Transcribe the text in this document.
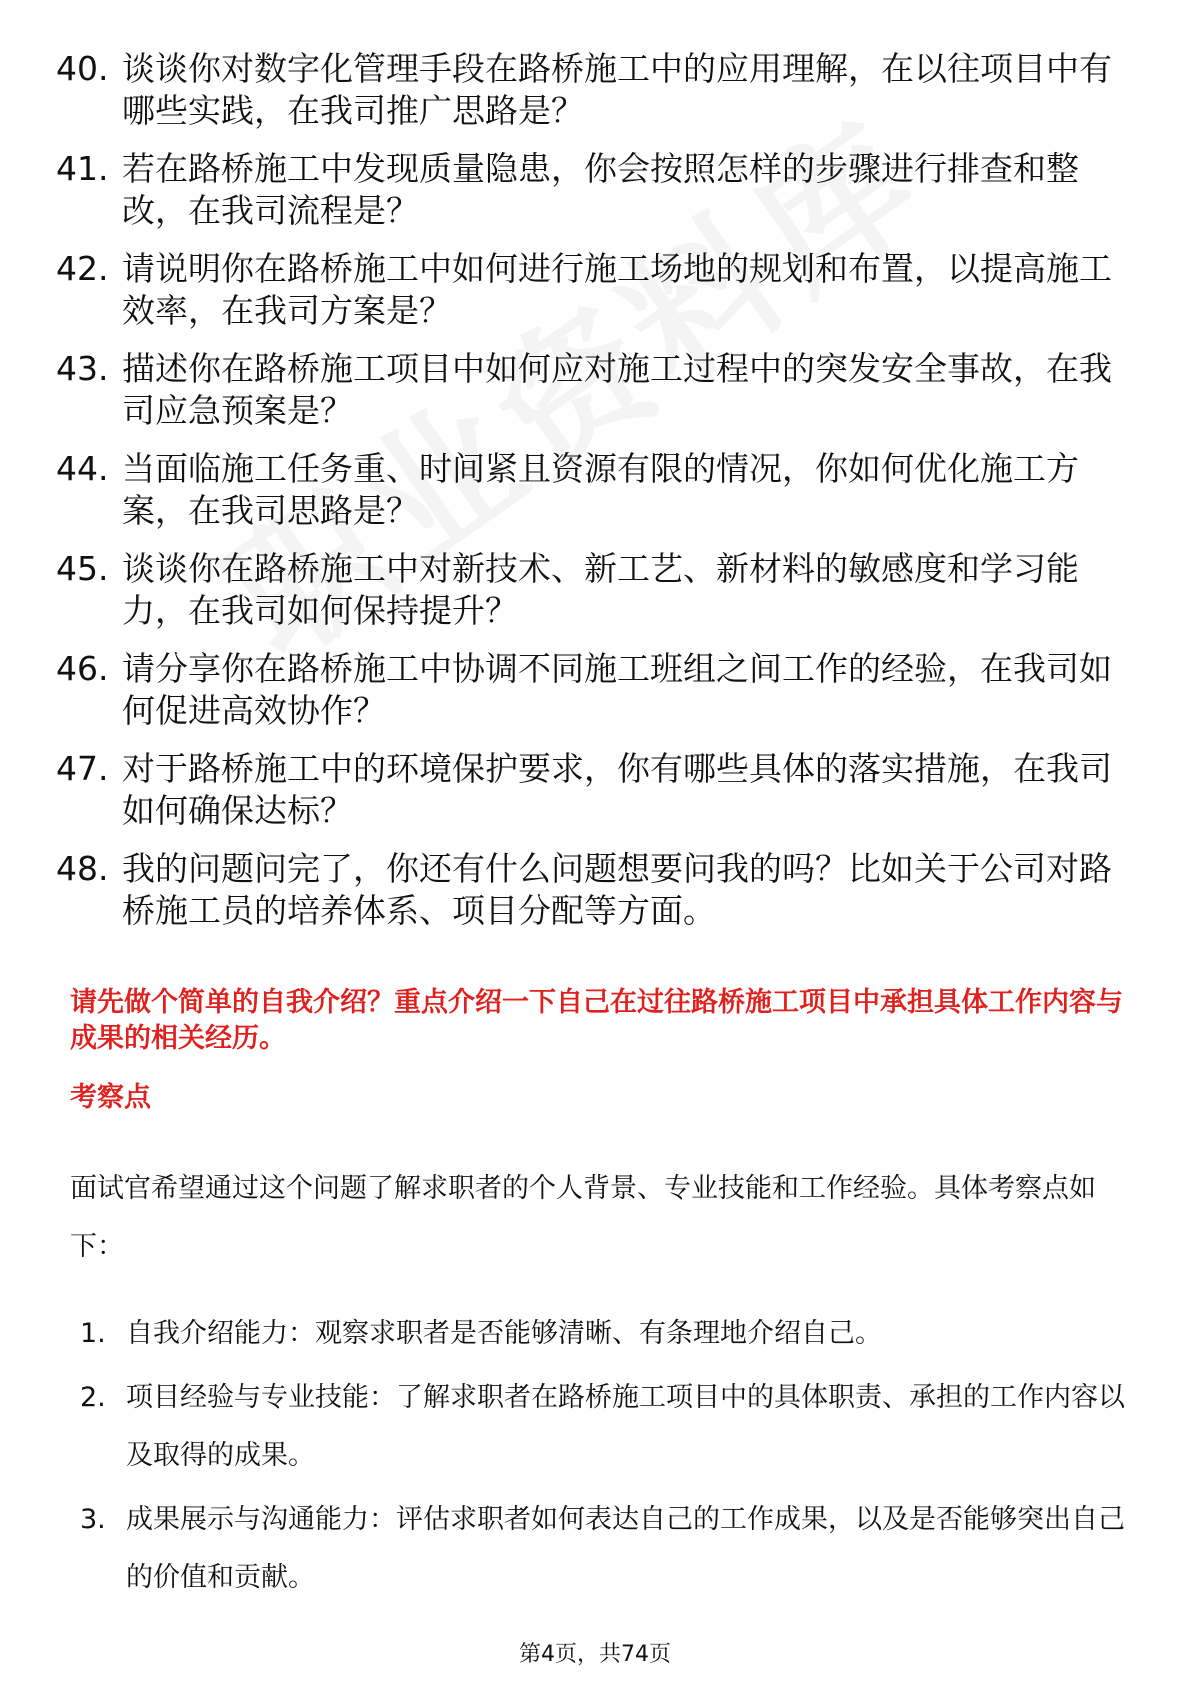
40. 谈谈你对数字化管理手段在路桥施工中的应用理解，在以往项目中有哪些实践，在我司推广思路是？
41. 若在路桥施工中发现质量隐患，你会按照怎样的步骤进行排查和整改，在我司流程是？
42. 请说明你在路桥施工中如何进行施工场地的规划和布置，以提高施工效率，在我司方案是？
43. 描述你在路桥施工项目中如何应对施工过程中的突发安全事故，在我司应急预案是？
44. 当面临施工任务重、时间紧且资源有限的情况，你如何优化施工方案，在我司思路是？
45. 谈谈你在路桥施工中对新技术、新工艺、新材料的敏感度和学习能力，在我司如何保持提升？
46. 请分享你在路桥施工中协调不同施工班组之间工作的经验，在我司如何促进高效协作？
47. 对于路桥施工中的环境保护要求，你有哪些具体的落实措施，在我司如何确保达标？
48. 我的问题问完了，你还有什么问题想要问我的吗？比如关于公司对路桥施工员的培养体系、项目分配等方面。
请先做个简单的自我介绍？重点介绍一下自己在过往路桥施工项目中承担具体工作内容与成果的相关经历。
考察点
面试官希望通过这个问题了解求职者的个人背景、专业技能和工作经验。具体考察点如下：
1. 自我介绍能力：观察求职者是否能够清晰、有条理地介绍自己。
2. 项目经验与专业技能：了解求职者在路桥施工项目中的具体职责、承担的工作内容以及取得的成果。
3. 成果展示与沟通能力：评估求职者如何表达自己的工作成果，以及是否能够突出自己的价值和贡献。
第4页，共74页
